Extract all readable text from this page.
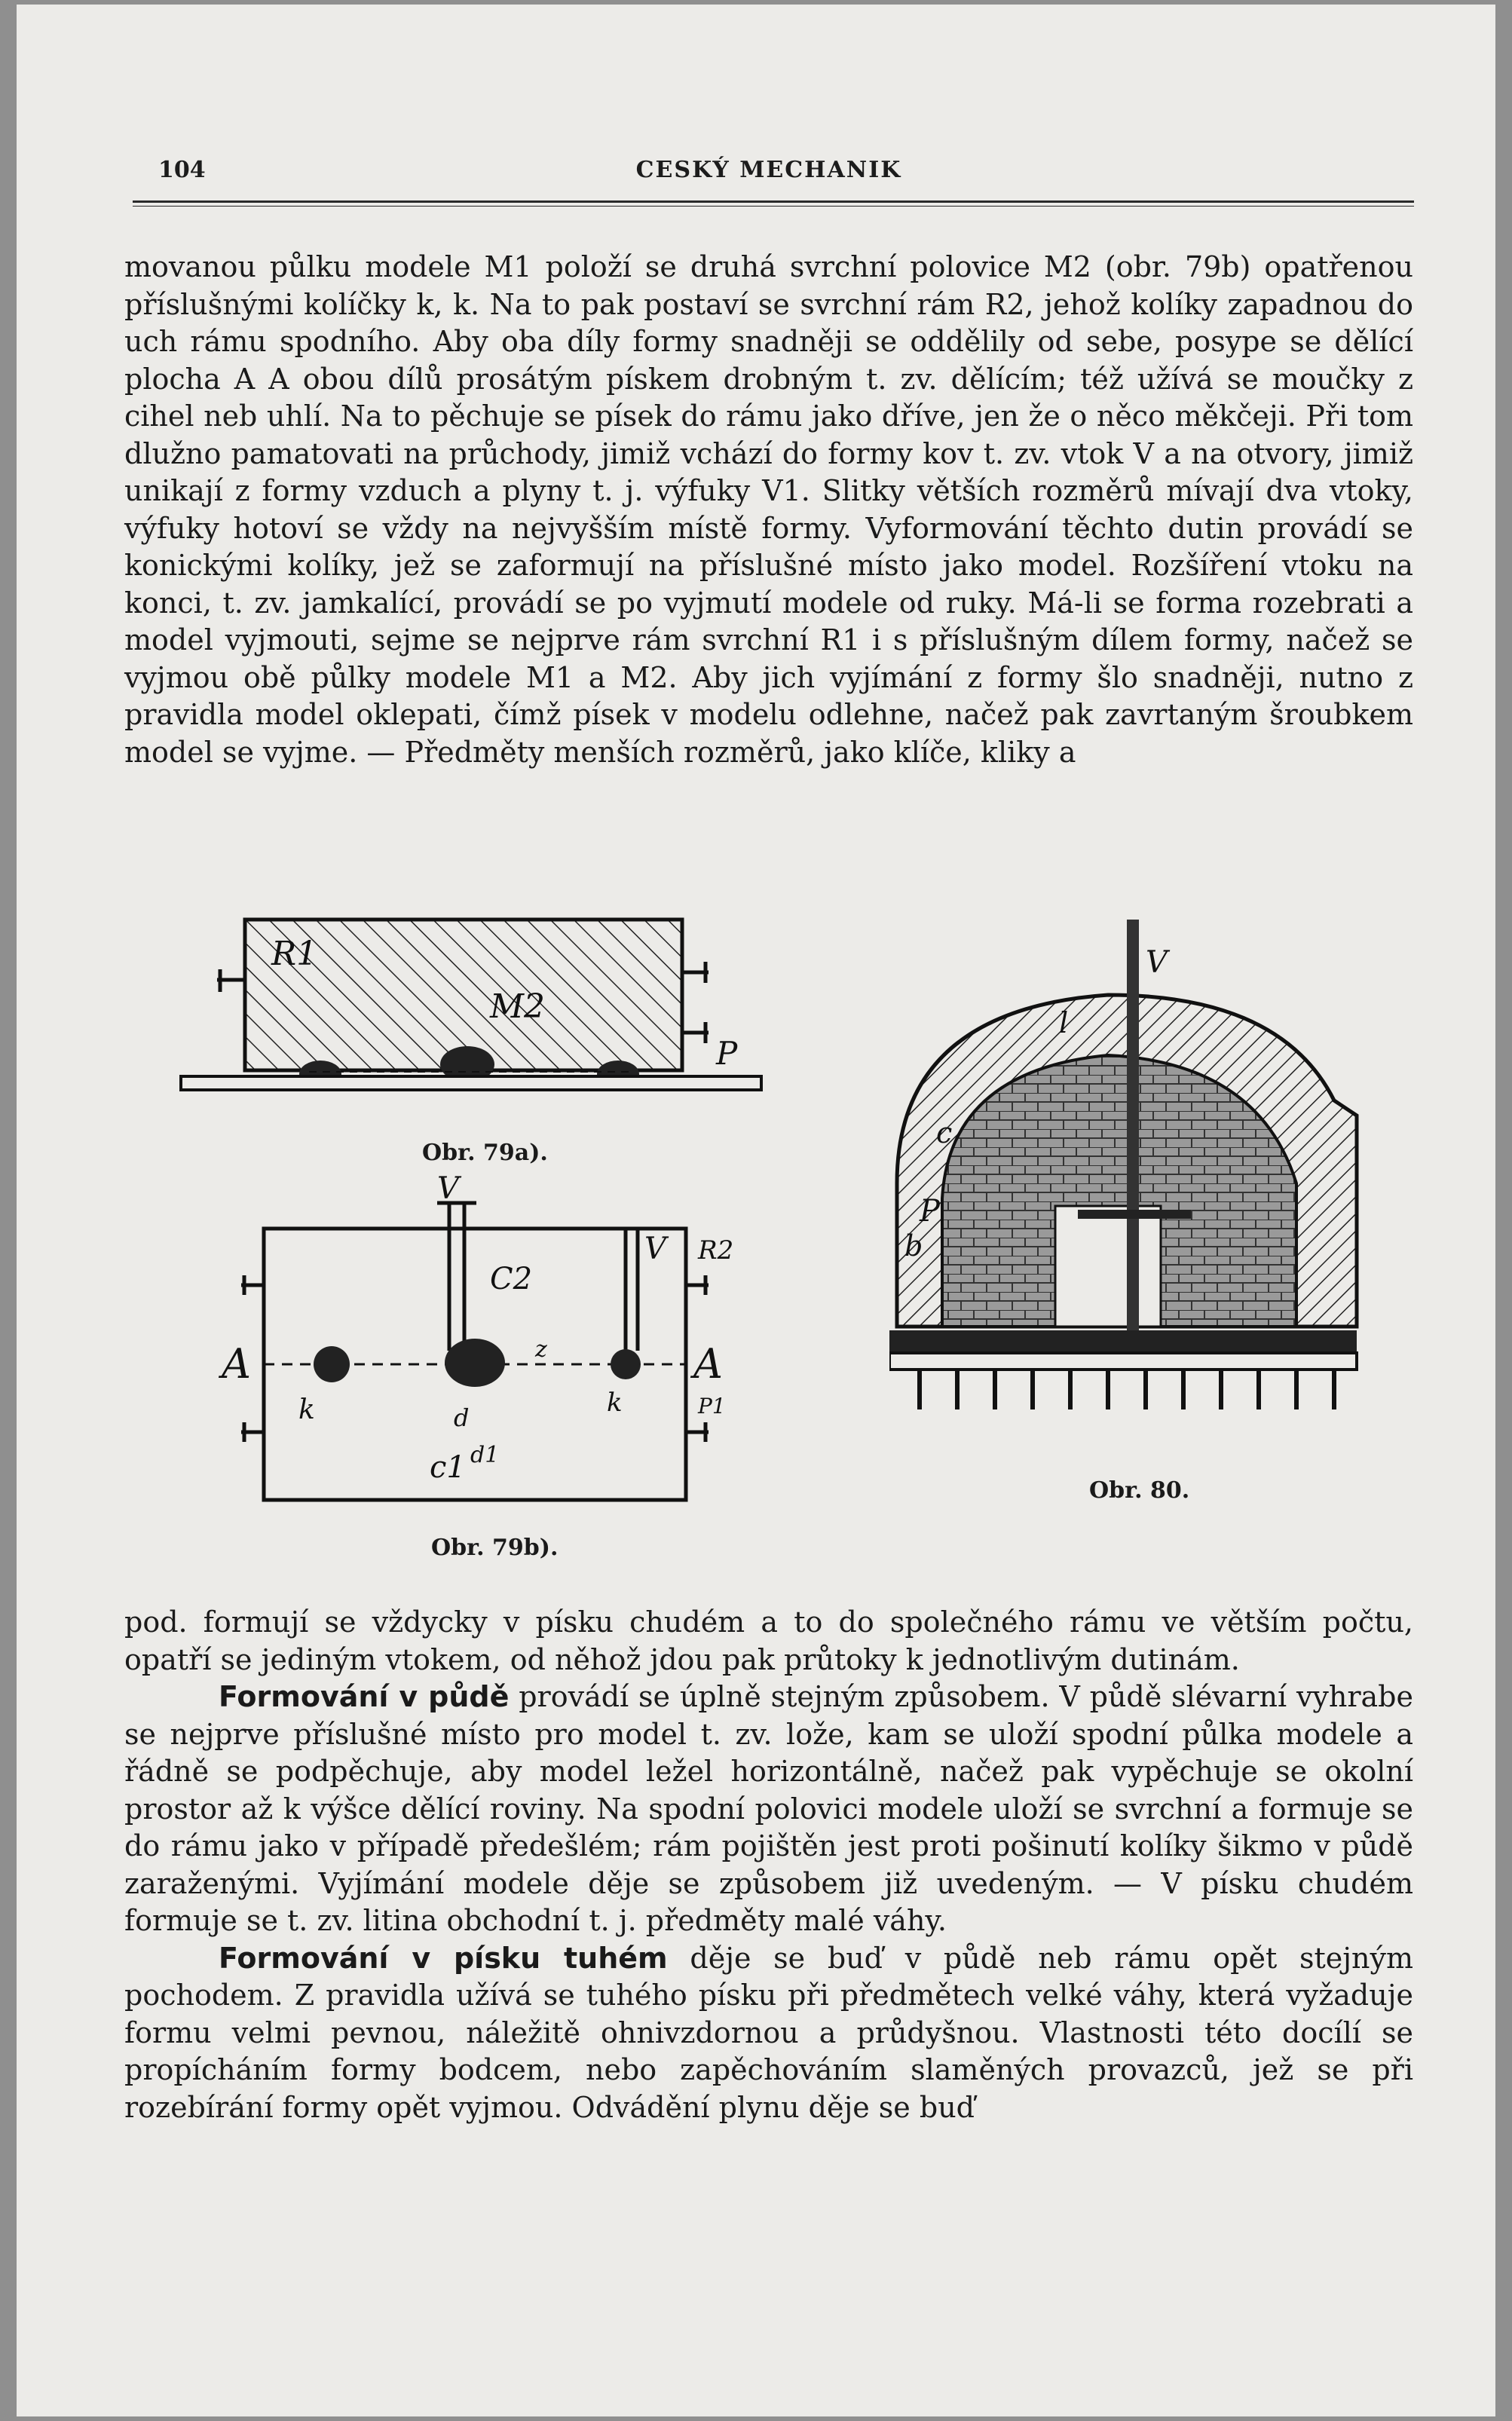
104	CESKÝ MECHANIK

movanou půlku modele M1 položí se druhá svrchní polovice M2 (obr. 79b) opatřenou příslušnými kolíčky k, k. Na to pak postaví se svrchní rám R2, jehož kolíky zapadnou do uch rámu spodního. Aby oba díly formy snadněji se oddělily od sebe, posype se dělící plocha A A obou dílů prosátým pískem drobným t. zv. dělícím; též užívá se moučky z cihel neb uhlí. Na to pěchuje se písek do rámu jako dříve, jen že o něco měkčeji. Při tom dlužno pamatovati na průchody, jimiž vchází do formy kov t. zv. vtok V a na otvory, jimiž unikají z formy vzduch a plyny t. j. výfuky V1. Slitky větších rozměrů mívají dva vtoky, výfuky hotoví se vždy na nejvyšším místě formy. Vyformování těchto dutin provádí se konickými kolíky, jež se zaformují na příslušné místo jako model. Rozšíření vtoku na konci, t. zv. jamkalící, provádí se po vyjmutí modele od ruky. Má-li se forma rozebrati a model vyjmouti, sejme se nejprve rám svrchní R1 i s příslušným dílem formy, načež se vyjmou obě půlky modele M1 a M2. Aby jich vyjímání z formy šlo snadněji, nutno z pravidla model oklepati, čímž písek v modelu odlehne, načež pak zavrtaným šroubkem model se vyjme. — Předměty menších rozměrů, jako klíče, kliky a

R1
M2
P
Obr. 79a).
V
C2
V R2
A
k
z
k
A
P1
d
c1 d1
Obr. 79b).
V
l
c
P
b
Obr. 80.

pod. formují se vždycky v písku chudém a to do společného rámu ve větším počtu, opatří se jediným vtokem, od něhož jdou pak průtoky k jednotlivým dutinám.

Formování v půdě provádí se úplně stejným způsobem. V půdě slévarní vyhrabe se nejprve příslušné místo pro model t. zv. lože, kam se uloží spodní půlka modele a řádně se podpěchuje, aby model ležel horizontálně, načež pak vypěchuje se okolní prostor až k výšce dělící roviny. Na spodní polovici modele uloží se svrchní a formuje se do rámu jako v případě předešlém; rám pojištěn jest proti pošinutí kolíky šikmo v půdě zaraženými. Vyjímání modele děje se způsobem již uvedeným. — V písku chudém formuje se t. zv. litina obchodní t. j. předměty malé váhy.

Formování v písku tuhém děje se buď v půdě neb rámu opět stejným pochodem. Z pravidla užívá se tuhého písku při předmětech velké váhy, která vyžaduje formu velmi pevnou, náležitě ohnivzdornou a průdyšnou. Vlastnosti této docílí se propícháním formy bodcem, nebo zapěchováním slaměných provazců, jež se při rozebírání formy opět vyjmou. Odvádění plynu děje se buď
